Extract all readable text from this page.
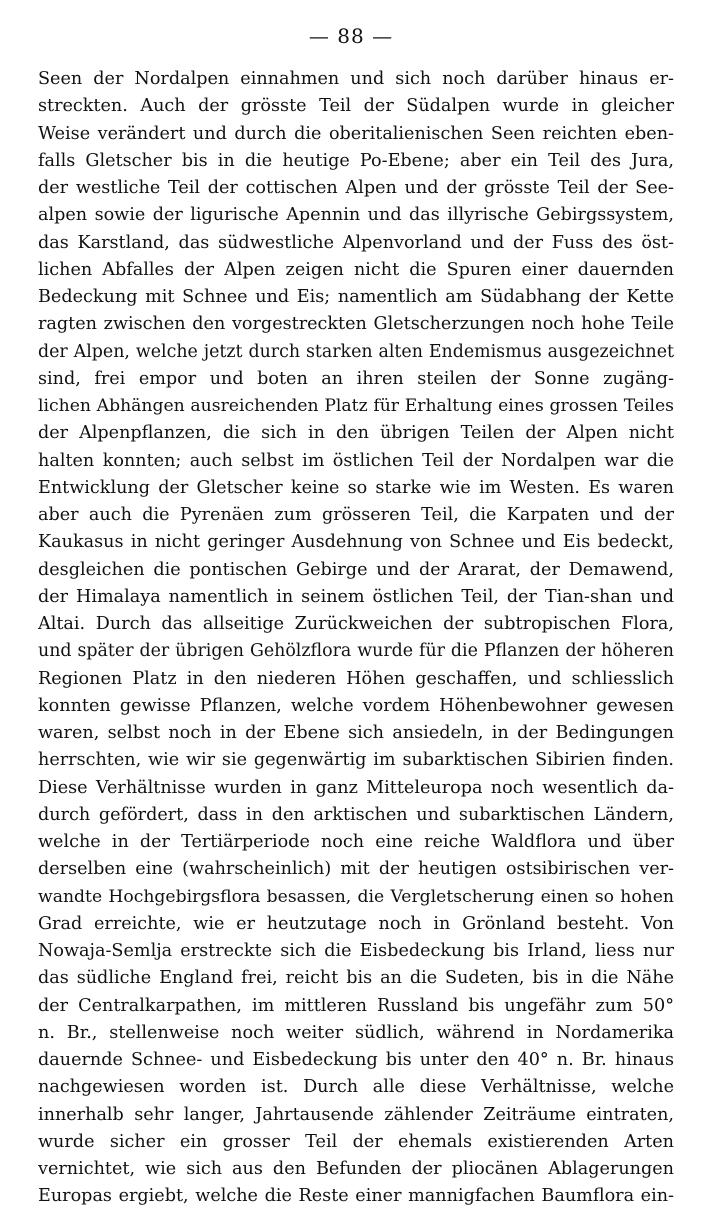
— 88 —
Seen der Nordalpen einnahmen und sich noch darüber hinaus er-
streckten. Auch der grösste Teil der Südalpen wurde in gleicher
Weise verändert und durch die oberitalienischen Seen reichten eben-
falls Gletscher bis in die heutige Po-Ebene; aber ein Teil des Jura,
der westliche Teil der cottischen Alpen und der grösste Teil der See-
alpen sowie der ligurische Apennin und das illyrische Gebirgssystem,
das Karstland, das südwestliche Alpenvorland und der Fuss des öst-
lichen Abfalles der Alpen zeigen nicht die Spuren einer dauernden
Bedeckung mit Schnee und Eis; namentlich am Südabhang der Kette
ragten zwischen den vorgestreckten Gletscherzungen noch hohe Teile
der Alpen, welche jetzt durch starken alten Endemismus ausgezeichnet
sind, frei empor und boten an ihren steilen der Sonne zugäng-
lichen Abhängen ausreichenden Platz für Erhaltung eines grossen Teiles
der Alpenpflanzen, die sich in den übrigen Teilen der Alpen nicht
halten konnten; auch selbst im östlichen Teil der Nordalpen war die
Entwicklung der Gletscher keine so starke wie im Westen. Es waren
aber auch die Pyrenäen zum grösseren Teil, die Karpaten und der
Kaukasus in nicht geringer Ausdehnung von Schnee und Eis bedeckt,
desgleichen die pontischen Gebirge und der Ararat, der Demawend,
der Himalaya namentlich in seinem östlichen Teil, der Tian-shan und
Altai. Durch das allseitige Zurückweichen der subtropischen Flora,
und später der übrigen Gehölzflora wurde für die Pflanzen der höheren
Regionen Platz in den niederen Höhen geschaffen, und schliesslich
konnten gewisse Pflanzen, welche vordem Höhenbewohner gewesen
waren, selbst noch in der Ebene sich ansiedeln, in der Bedingungen
herrschten, wie wir sie gegenwärtig im subarktischen Sibirien finden.
Diese Verhältnisse wurden in ganz Mitteleuropa noch wesentlich da-
durch gefördert, dass in den arktischen und subarktischen Ländern,
welche in der Tertiärperiode noch eine reiche Waldflora und über
derselben eine (wahrscheinlich) mit der heutigen ostsibirischen ver-
wandte Hochgebirgsflora besassen, die Vergletscherung einen so hohen
Grad erreichte, wie er heutzutage noch in Grönland besteht. Von
Nowaja-Semlja erstreckte sich die Eisbedeckung bis Irland, liess nur
das südliche England frei, reicht bis an die Sudeten, bis in die Nähe
der Centralkarpathen, im mittleren Russland bis ungefähr zum 50°
n. Br., stellenweise noch weiter südlich, während in Nordamerika
dauernde Schnee- und Eisbedeckung bis unter den 40° n. Br. hinaus
nachgewiesen worden ist. Durch alle diese Verhältnisse, welche
innerhalb sehr langer, Jahrtausende zählender Zeiträume eintraten,
wurde sicher ein grosser Teil der ehemals existierenden Arten
vernichtet, wie sich aus den Befunden der pliocänen Ablagerungen
Europas ergiebt, welche die Reste einer mannigfachen Baumflora ein-
